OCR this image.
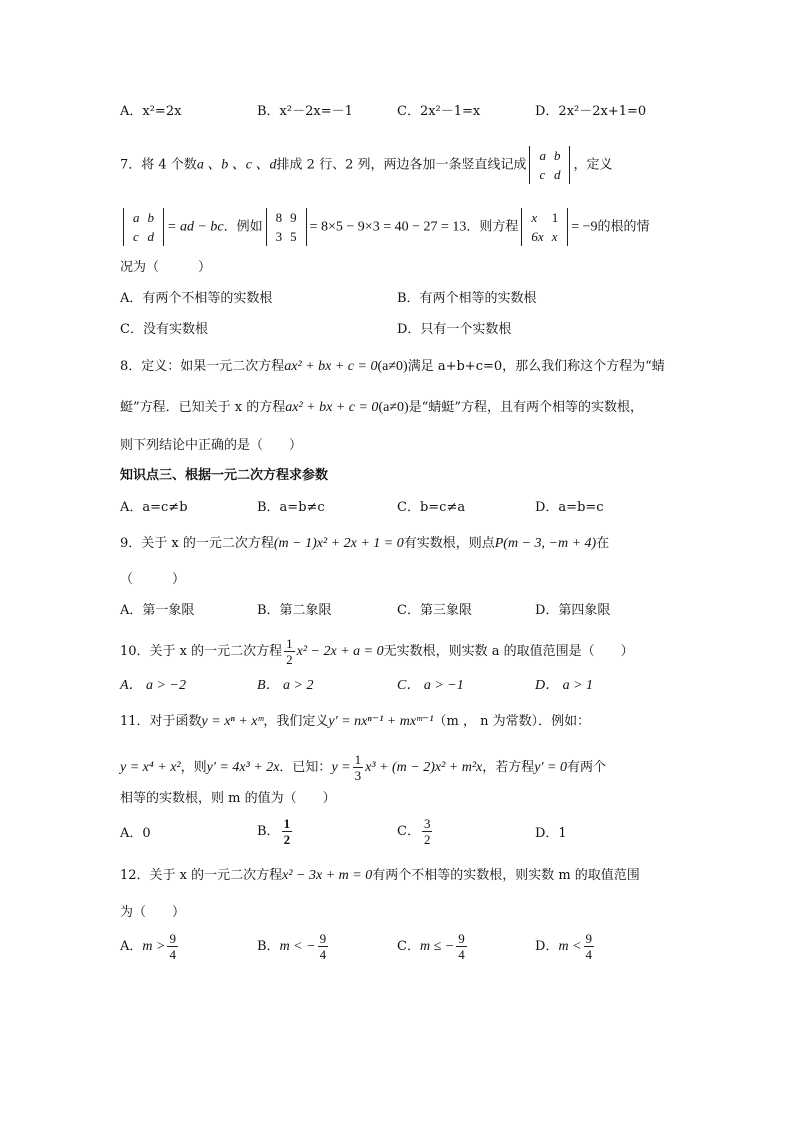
A．x²=2x	B．x²－2x=－1	C．2x²－1=x	D．2x²－2x+1=0
7．将 4 个数a 、b 、c 、d排成 2 行、2 列，两边各加一条竖直线记成
a	b
c	d
，定义
a	b
c	d
= ad − bc．例如
8	9
3	5
= 8×5 − 9×3 = 40 − 27 = 13．则方程
x	1
6x	x
= −9的根的情
况为（　　　）
A．有两个不相等的实数根	B．有两个相等的实数根
C．没有实数根	D．只有一个实数根
8．定义：如果一元二次方程ax² + bx + c = 0(a≠0)满足 a+b+c=0，那么我们称这个方程为“蜻
蜓”方程．已知关于 x 的方程ax² + bx + c = 0(a≠0)是“蜻蜓”方程，且有两个相等的实数根，
则下列结论中正确的是（　　）
知识点三、根据一元二次方程求参数
A．a=c≠b	B．a=b≠c	C．b=c≠a	D．a=b=c
9．关于 x 的一元二次方程(m − 1)x² + 2x + 1 = 0有实数根，则点P(m − 3, −m + 4)在
（　　　）
A．第一象限	B．第二象限	C．第三象限	D．第四象限
10．关于 x 的一元二次方程 $\frac{1}{2} x^2 - 2x + a = 0$无实数根，则实数 a 的取值范围是（　　）
A． a > −2	B． a > 2	C． a > −1	D． a > 1
11．对于函数y = xⁿ + xᵐ，我们定义y′ = nxⁿ⁻¹ + mxᵐ⁻¹（m ， n 为常数）．例如：
y = x⁴ + x²，则y′ = 4x³ + 2x．已知：$y = \frac{1}{3} x^3 + (m - 2)x^2 + m^2x$，若方程y′ = 0有两个
相等的实数根，则 m 的值为（　　）
A．0	B． $\frac{1}{2}$	C． $\frac{3}{2}$	D．1
12．关于 x 的一元二次方程x² − 3x + m = 0有两个不相等的实数根，则实数 m 的取值范围
为（　　）
A．$m > \frac{9}{4}$	B．m < − $\frac{9}{4}$	C．m ≤ − $\frac{9}{4}$	D．$m < \frac{9}{4}$
